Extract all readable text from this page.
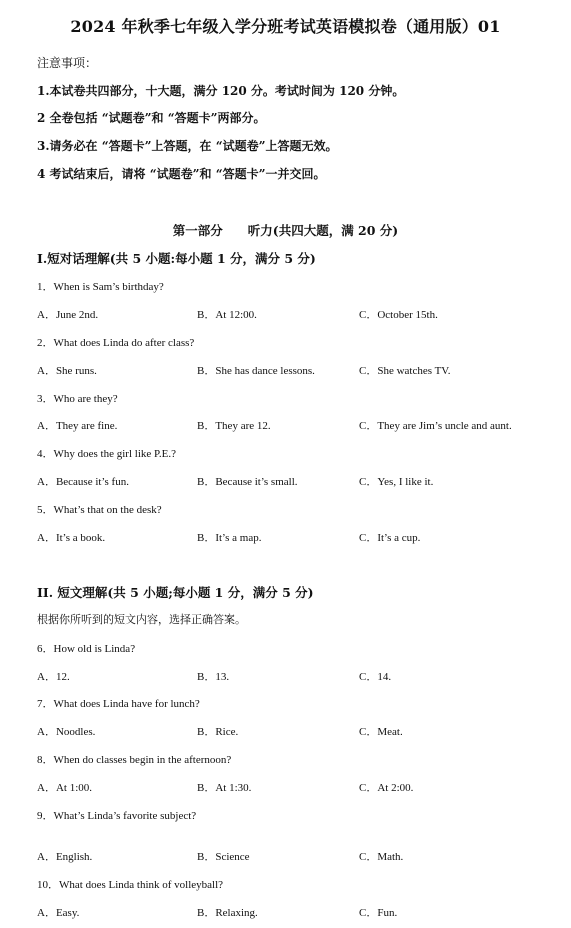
2024 年秋季七年级入学分班考试英语模拟卷（通用版）01
注意事项：
1.本试卷共四部分，十大题，满分 120 分。考试时间为 120 分钟。
2 全卷包括 “试题卷”和 “答题卡”两部分。
3.请务必在 “答题卡”上答题，在 “试题卷”上答题无效。
4 考试结束后，请将 “试题卷”和 “答题卡”一并交回。
第一部分　　听力(共四大题，满 20 分)
I.短对话理解(共 5 小题:每小题 1 分，满分 5 分)
1．When is Sam’s birthday?
A．June 2nd.	B．At 12:00.	C．October 15th.
2．What does Linda do after class?
A．She runs.	B．She has dance lessons.	C．She watches TV.
3．Who are they?
A．They are fine.	B．They are 12.	C．They are Jim’s uncle and aunt.
4．Why does the girl like P.E.?
A．Because it’s fun.	B．Because it’s small.	C．Yes, I like it.
5．What’s that on the desk?
A．It’s a book.	B．It’s a map.	C．It’s a cup.
II. 短文理解(共 5 小题;每小题 1 分，满分 5 分)
根据你所听到的短文内容，选择正确答案。
6．How old is Linda?
A．12.	B．13.	C．14.
7．What does Linda have for lunch?
A．Noodles.	B．Rice.	C．Meat.
8．When do classes begin in the afternoon?
A．At 1:00.	B．At 1:30.	C．At 2:00.
9．What’s Linda’s favorite subject?
A．English.	B．Science	C．Math.
10．What does Linda think of volleyball?
A．Easy.	B．Relaxing.	C．Fun.
